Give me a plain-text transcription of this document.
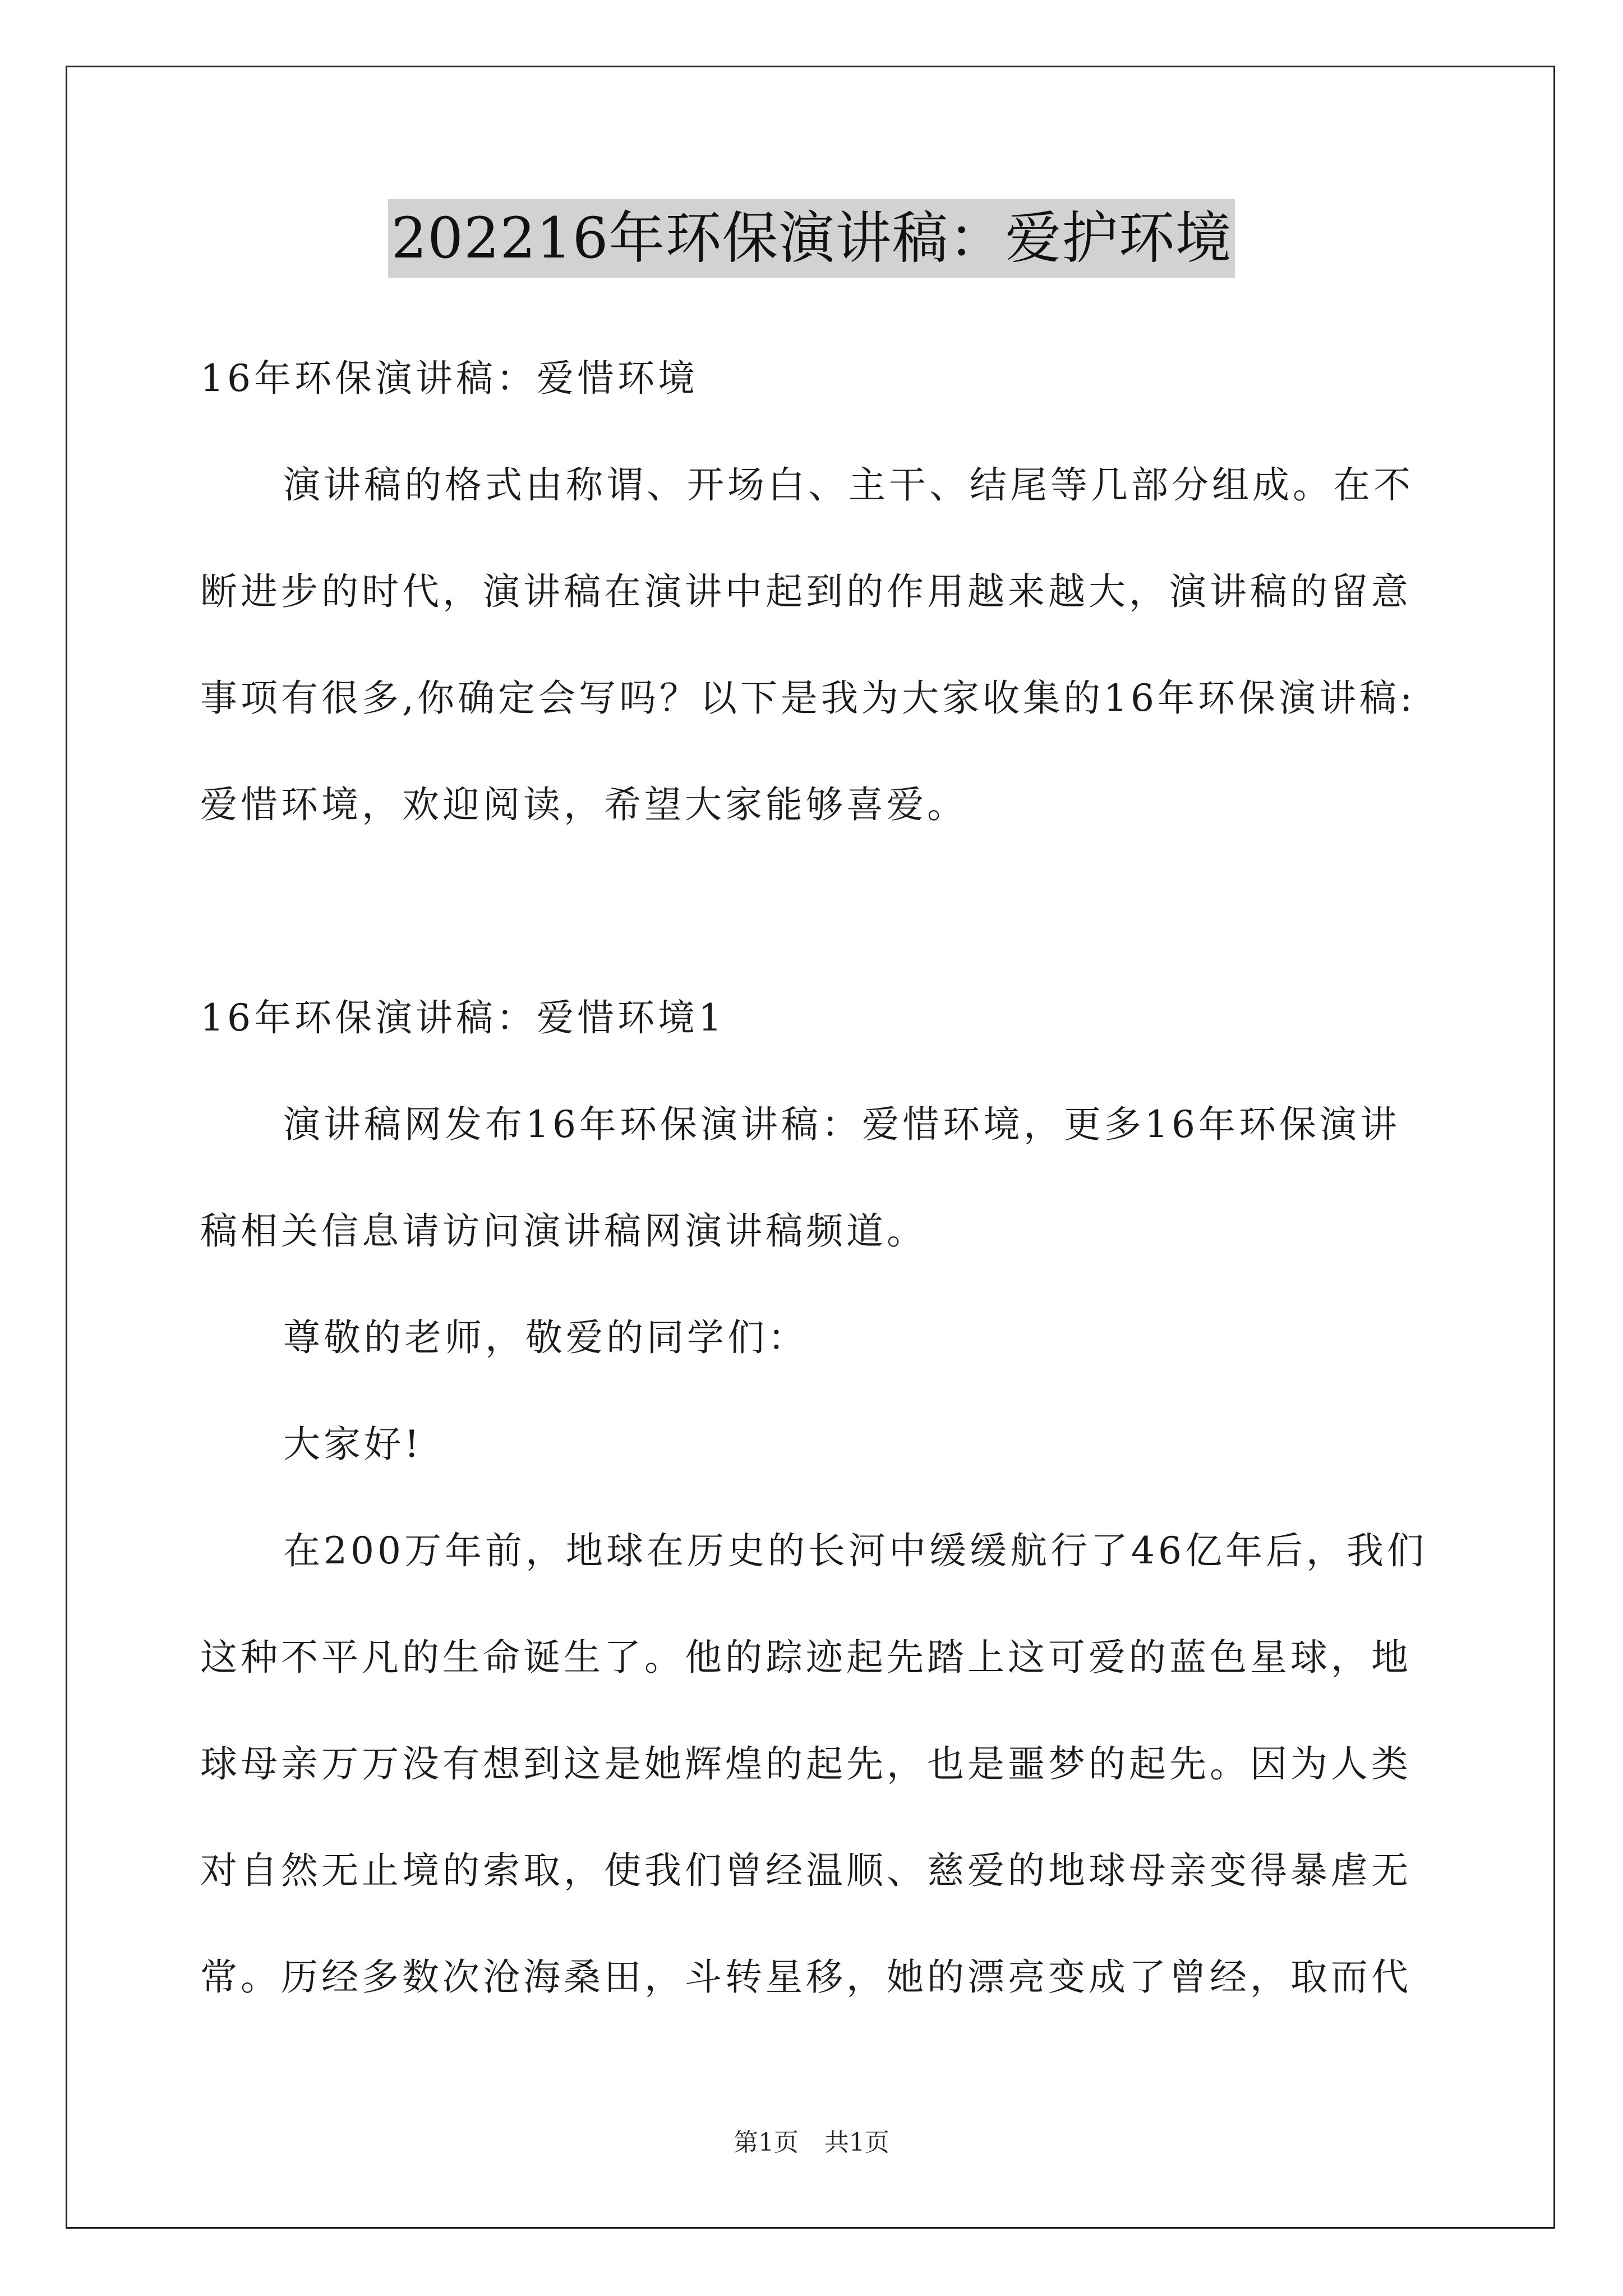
202216年环保演讲稿：爱护环境
16年环保演讲稿：爱惜环境
演讲稿的格式由称谓、开场白、主干、结尾等几部分组成。在不
断进步的时代，演讲稿在演讲中起到的作用越来越大，演讲稿的留意
事项有很多,你确定会写吗？以下是我为大家收集的16年环保演讲稿:
爱惜环境，欢迎阅读，希望大家能够喜爱。
16年环保演讲稿：爱惜环境1
演讲稿网发布16年环保演讲稿：爱惜环境，更多16年环保演讲
稿相关信息请访问演讲稿网演讲稿频道。
尊敬的老师，敬爱的同学们：
大家好!
在200万年前，地球在历史的长河中缓缓航行了46亿年后，我们
这种不平凡的生命诞生了。他的踪迹起先踏上这可爱的蓝色星球，地
球母亲万万没有想到这是她辉煌的起先，也是噩梦的起先。因为人类
对自然无止境的索取，使我们曾经温顺、慈爱的地球母亲变得暴虐无
常。历经多数次沧海桑田，斗转星移，她的漂亮变成了曾经，取而代
第1页 共1页
